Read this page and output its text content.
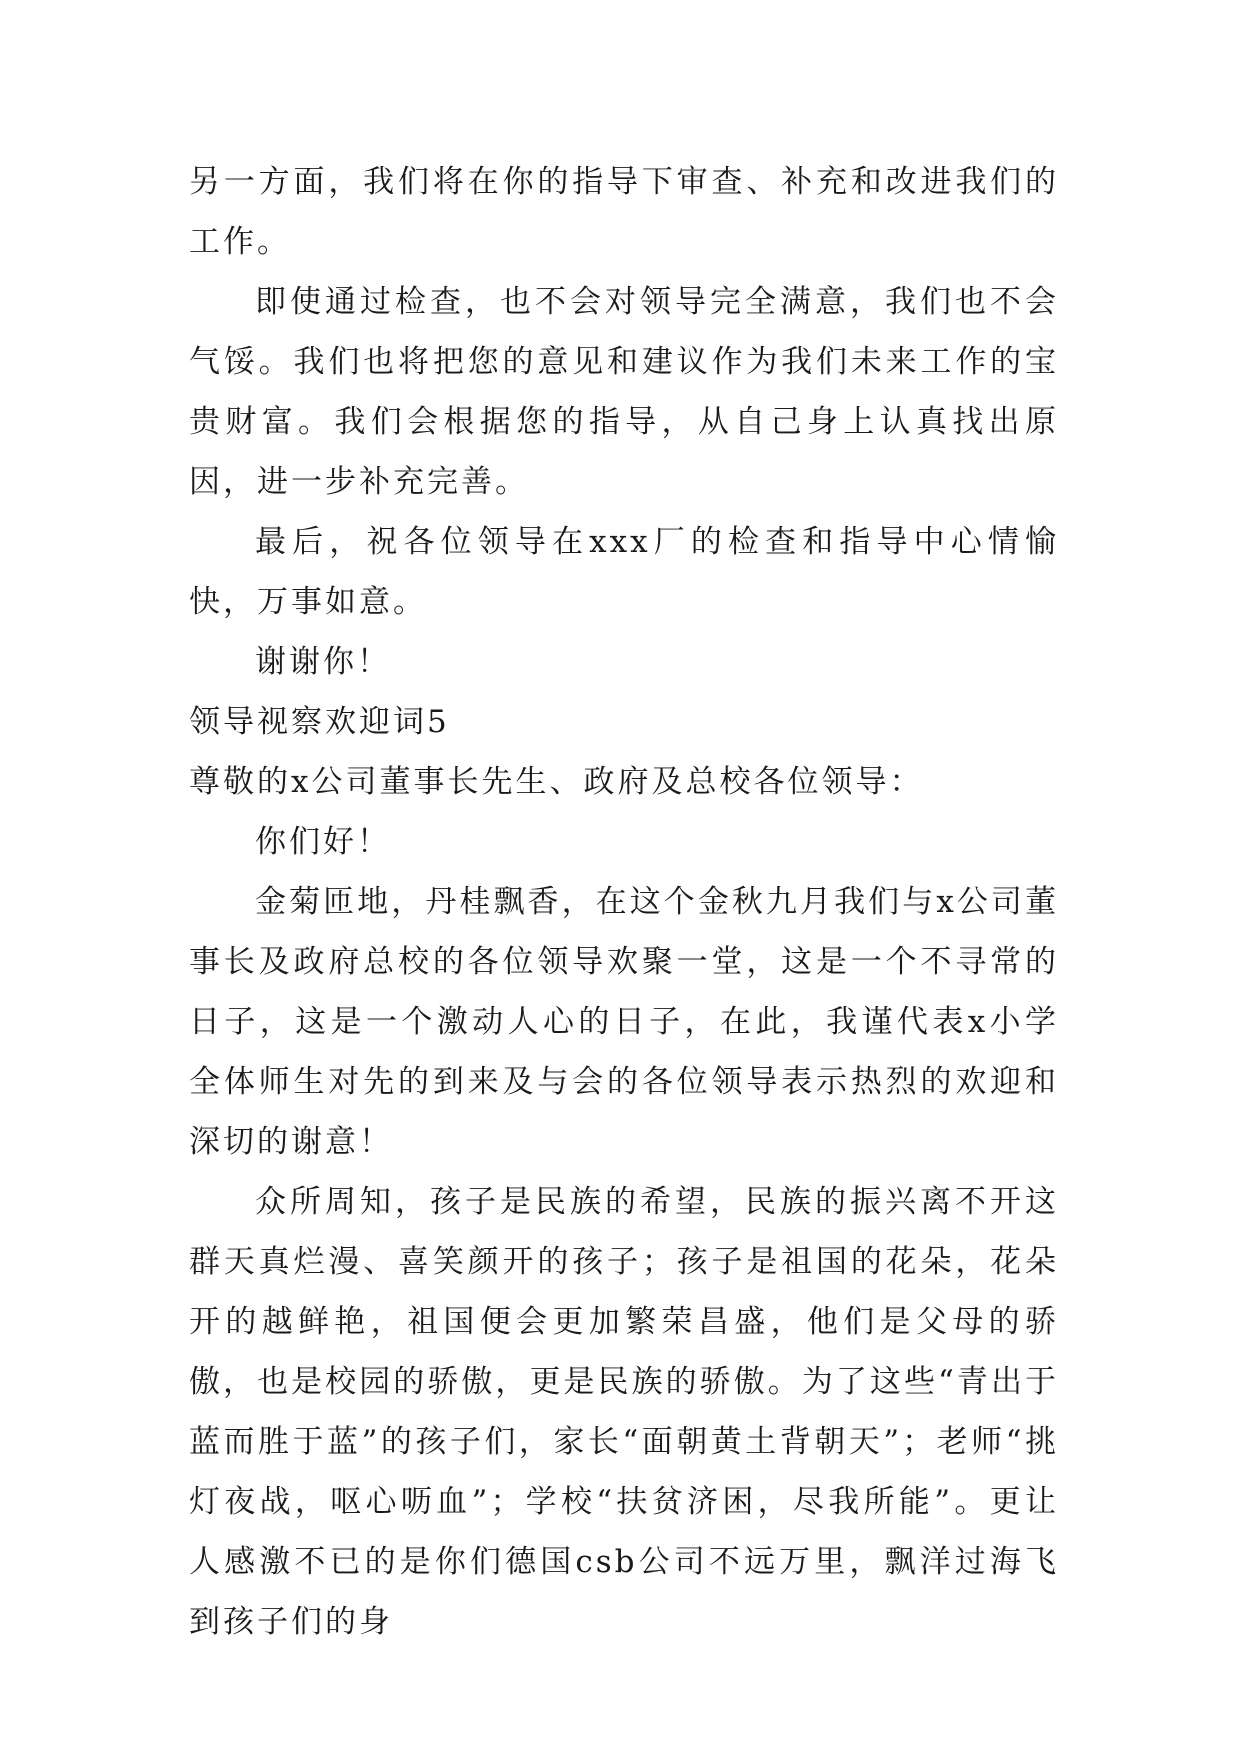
另一方面，我们将在你的指导下审查、补充和改进我们的工作。

即使通过检查，也不会对领导完全满意，我们也不会气馁。我们也将把您的意见和建议作为我们未来工作的宝贵财富。我们会根据您的指导，从自己身上认真找出原因，进一步补充完善。

最后，祝各位领导在xxx厂的检查和指导中心情愉快，万事如意。

谢谢你！

领导视察欢迎词5

尊敬的x公司董事长先生、政府及总校各位领导：

你们好！

金菊匝地，丹桂飘香，在这个金秋九月我们与x公司董事长及政府总校的各位领导欢聚一堂，这是一个不寻常的日子，这是一个激动人心的日子，在此，我谨代表x小学全体师生对先的到来及与会的各位领导表示热烈的欢迎和深切的谢意！

众所周知，孩子是民族的希望，民族的振兴离不开这群天真烂漫、喜笑颜开的孩子；孩子是祖国的花朵，花朵开的越鲜艳，祖国便会更加繁荣昌盛，他们是父母的骄傲，也是校园的骄傲，更是民族的骄傲。为了这些“青出于蓝而胜于蓝”的孩子们，家长“面朝黄土背朝天”；老师“挑灯夜战，呕心呖血”；学校“扶贫济困，尽我所能”。更让人感激不已的是你们德国csb公司不远万里，飘洋过海飞到孩子们的身
